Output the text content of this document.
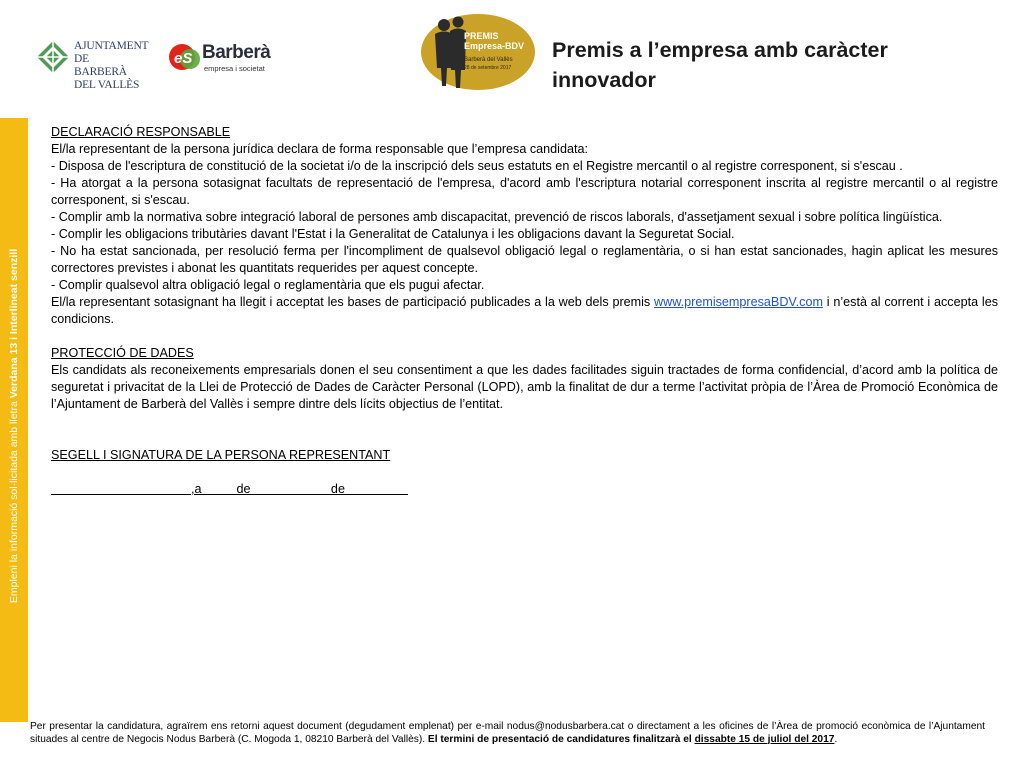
AJUNTAMENT DE
BARBERÀ DEL VALLÈS
eS Barberà
empresa i societat
PREMIS
Empresa-BDV
Barberà del Vallès
28 de setembre 2017
Premis a l’empresa amb caràcter innovador
Empleni la informació sol·licitada amb lletra Verdana 13 i Interlineat senzill

DECLARACIÓ RESPONSABLE

El/la representant de la persona jurídica declara de forma responsable que l’empresa candidata:

- Disposa de l'escriptura de constitució de la societat i/o de la inscripció dels seus estatuts en el Registre mercantil o al registre corresponent, si s'escau .

- Ha atorgat a la persona sotasignat facultats de representació de l'empresa, d'acord amb l'escriptura notarial corresponent inscrita al registre mercantil o al registre corresponent, si s'escau.

- Complir amb la normativa sobre integració laboral de persones amb discapacitat, prevenció de riscos laborals, d'assetjament sexual i sobre política lingüística.

- Complir les obligacions tributàries davant l'Estat i la Generalitat de Catalunya i les obligacions davant la Seguretat Social.

- No ha estat sancionada, per resolució ferma per l'incompliment de qualsevol obligació legal o reglamentària, o si han estat sancionades, hagin aplicat les mesures correctores previstes i abonat les quantitats requerides per aquest concepte.

- Complir qualsevol altra obligació legal o reglamentària que els pugui afectar.

El/la representant sotasignant ha llegit i acceptat les bases de participació publicades a la web dels premis www.premisempresaBDV.com i n’està al corrent i accepta les condicions.

PROTECCIÓ DE DADES

Els candidats als reconeixements empresarials donen el seu consentiment a que les dades facilitades siguin tractades de forma confidencial, d’acord amb la política de seguretat i privacitat de la Llei de Protecció de Dades de Caràcter Personal (LOPD), amb la finalitat de dur a terme l’activitat pròpia de l’Àrea de Promoció Econòmica de l’Ajuntament de Barberà del Vallès i sempre dintre dels lícits objectius de l’entitat.

SEGELL I SIGNATURA DE LA PERSONA REPRESENTANT

,a          de                       de

Per presentar la candidatura, agraïrem ens retorni aquest document (degudament emplenat) per e-mail nodus@nodusbarbera.cat o directament a les oficines de l’Àrea de promoció econòmica de l’Ajuntament situades al centre de Negocis Nodus Barberà (C. Mogoda 1, 08210 Barberà del Vallès). El termini de presentació de candidatures finalitzarà el dissabte 15 de juliol del 2017.
